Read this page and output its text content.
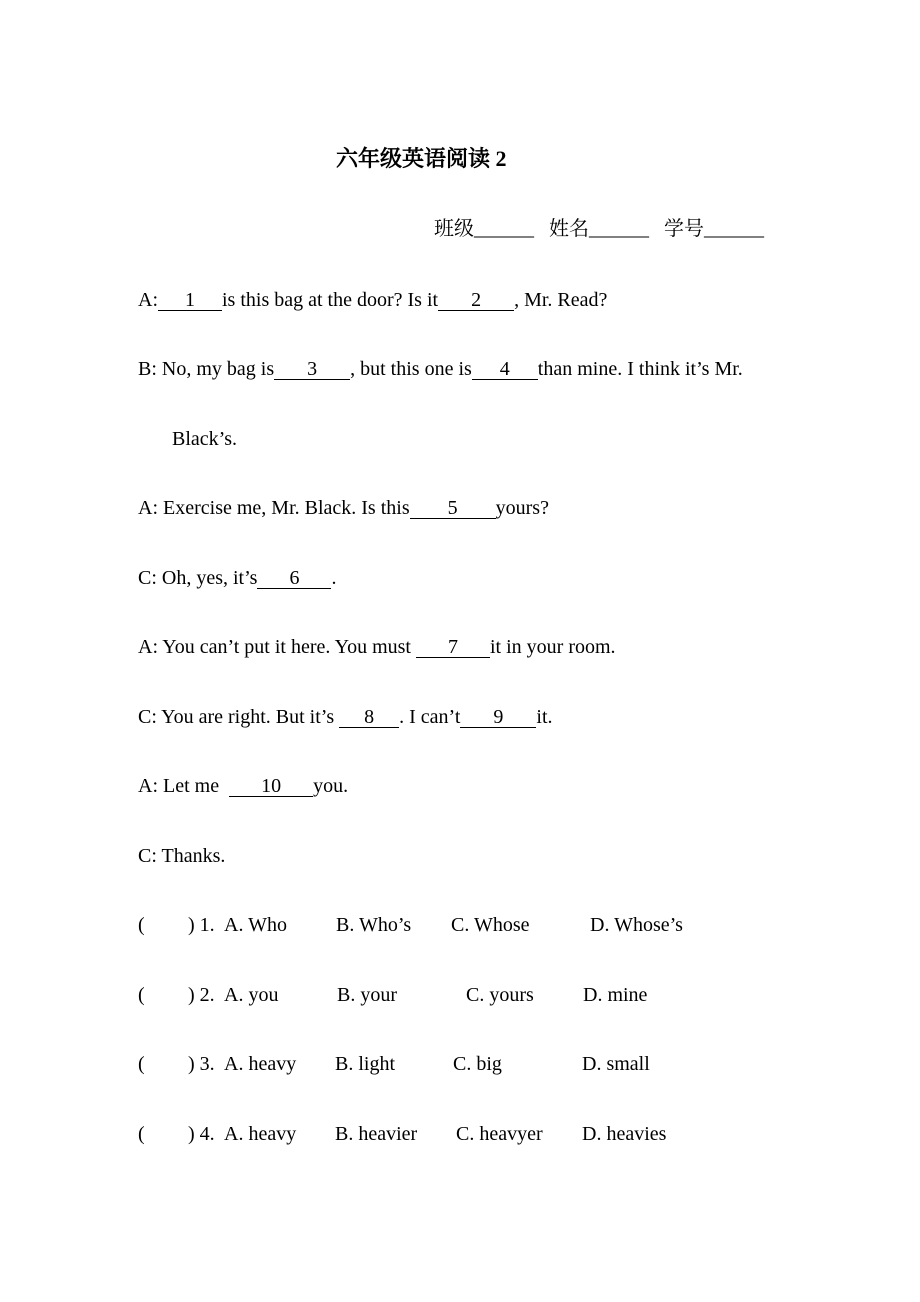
六年级英语阅读 2
班级______ 姓名______ 学号______
A: 1 is this bag at the door? Is it 2 , Mr. Read?
B: No, my bag is 3 , but this one is 4 than mine. I think it’s Mr.
Black’s.
A: Exercise me, Mr. Black. Is this 5 yours?
C: Oh, yes, it’s 6 .
A: You can’t put it here. You must 7 it in your room.
C: You are right. But it’s 8 . I can’t 9 it.
A: Let me 10 you.
C: Thanks.
( ) 1. A. Who B. Who’s C. Whose	D. Whose’s
( ) 2. A. you	B. your	C. yours D. mine
( ) 3. A. heavy B. light	C. big	D. small
( ) 4. A. heavy B. heavier C. heavyer D. heavies
